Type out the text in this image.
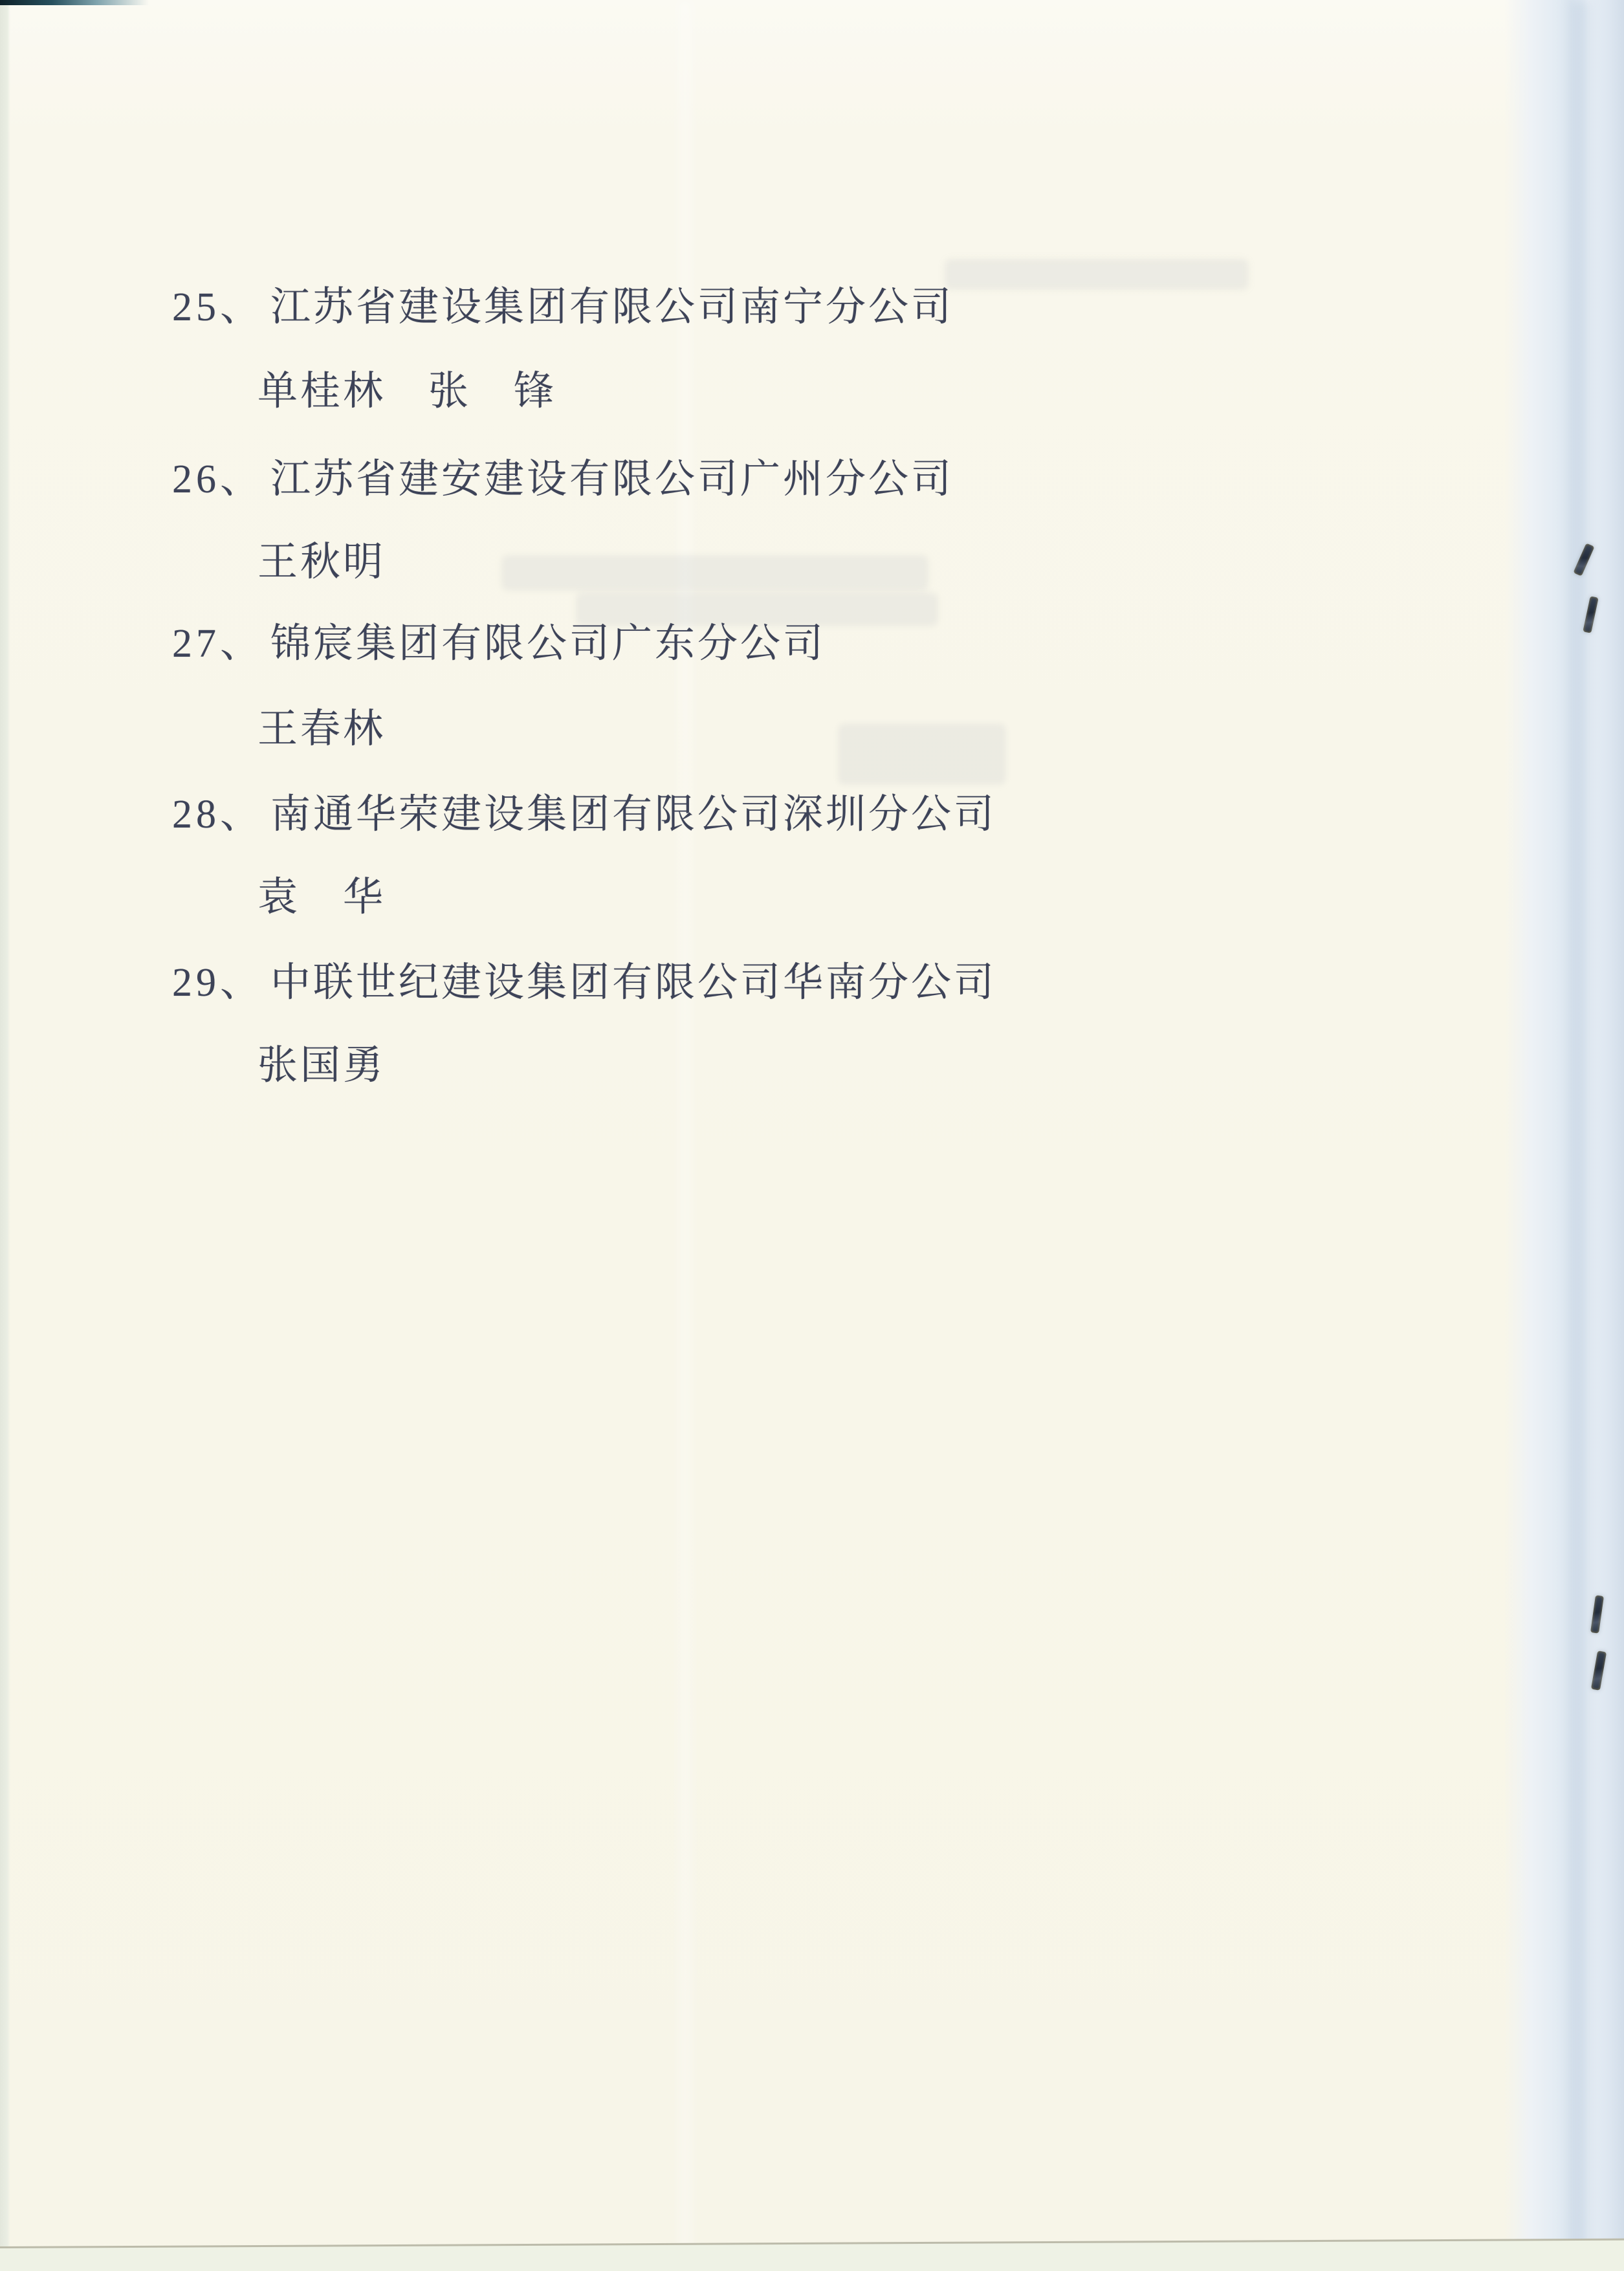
25、 江苏省建设集团有限公司南宁分公司
单桂林　张　锋
26、 江苏省建安建设有限公司广州分公司
王秋明
27、 锦宸集团有限公司广东分公司
王春林
28、 南通华荣建设集团有限公司深圳分公司
袁　华
29、 中联世纪建设集团有限公司华南分公司
张国勇
